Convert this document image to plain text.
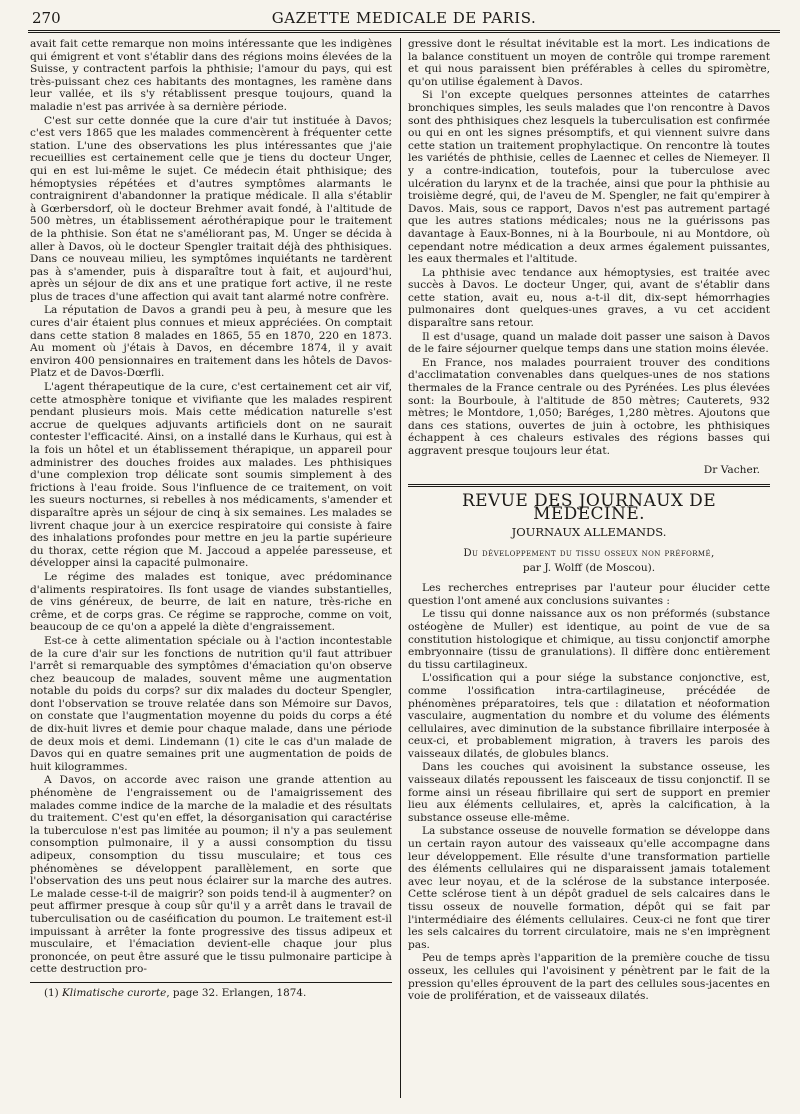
270	GAZETTE MEDICALE DE PARIS.

avait fait cette remarque non moins intéressante que les indigènes qui émigrent et vont s'établir dans des régions moins élevées de la Suisse, y contractent parfois la phthisie; l'amour du pays, qui est très-puissant chez ces habitants des montagnes, les ramène dans leur vallée, et ils s'y rétablissent presque toujours, quand la maladie n'est pas arrivée à sa dernière période.

C'est sur cette donnée que la cure d'air tut instituée à Davos; c'est vers 1865 que les malades commencèrent à fréquenter cette station. L'une des observations les plus intéressantes que j'aie recueillies est certainement celle que je tiens du docteur Unger, qui en est lui-même le sujet. Ce médecin était phthisique; des hémoptysies répétées et d'autres symptômes alarmants le contraignirent d'abandonner la pratique médicale. Il alla s'établir à Gœrbersdorf, où le docteur Brehmer avait fondé, à l'altitude de 500 mètres, un établissement aérothérapique pour le traitement de la phthisie. Son état ne s'améliorant pas, M. Unger se décida à aller à Davos, où le docteur Spengler traitait déjà des phthisiques. Dans ce nouveau milieu, les symptômes inquiétants ne tardèrent pas à s'amender, puis à disparaître tout à fait, et aujourd'hui, après un séjour de dix ans et une pratique fort active, il ne reste plus de traces d'une affection qui avait tant alarmé notre confrère.

La réputation de Davos a grandi peu à peu, à mesure que les cures d'air étaient plus connues et mieux appréciées. On comptait dans cette station 8 malades en 1865, 55 en 1870, 220 en 1873. Au moment où j'étais à Davos, en décembre 1874, il y avait environ 400 pensionnaires en traitement dans les hôtels de Davos-Platz et de Davos-Dœrfli.

L'agent thérapeutique de la cure, c'est certainement cet air vif, cette atmosphère tonique et vivifiante que les malades respirent pendant plusieurs mois. Mais cette médication naturelle s'est accrue de quelques adjuvants artificiels dont on ne saurait contester l'efficacité. Ainsi, on a installé dans le Kurhaus, qui est à la fois un hôtel et un établissement thérapique, un appareil pour administrer des douches froides aux malades. Les phthisiques d'une complexion trop délicate sont soumis simplement à des frictions à l'eau froide. Sous l'influence de ce traitement, on voit les sueurs nocturnes, si rebelles à nos médicaments, s'amender et disparaître après un séjour de cinq à six semaines. Les malades se livrent chaque jour à un exercice respiratoire qui consiste à faire des inhalations profondes pour mettre en jeu la partie supérieure du thorax, cette région que M. Jaccoud a appelée paresseuse, et développer ainsi la capacité pulmonaire.

Le régime des malades est tonique, avec prédominance d'aliments respiratoires. Ils font usage de viandes substantielles, de vins généreux, de beurre, de lait en nature, très-riche en crême, et de corps gras. Ce régime se rapproche, comme on voit, beaucoup de ce qu'on a appelé la diète d'engraissement.

Est-ce à cette alimentation spéciale ou à l'action incontestable de la cure d'air sur les fonctions de nutrition qu'il faut attribuer l'arrêt si remarquable des symptômes d'émaciation qu'on observe chez beaucoup de malades, souvent même une augmentation notable du poids du corps? sur dix malades du docteur Spengler, dont l'observation se trouve relatée dans son Mémoire sur Davos, on constate que l'augmentation moyenne du poids du corps a été de dix-huit livres et demie pour chaque malade, dans une période de deux mois et demi. Lindemann (1) cite le cas d'un malade de Davos qui en quatre semaines prit une augmentation de poids de huit kilogrammes.

A Davos, on accorde avec raison une grande attention au phénomène de l'engraissement ou de l'amaigrissement des malades comme indice de la marche de la maladie et des résultats du traitement. C'est qu'en effet, la désorganisation qui caractérise la tuberculose n'est pas limitée au poumon; il n'y a pas seulement consomption pulmonaire, il y a aussi consomption du tissu adipeux, consomption du tissu musculaire; et tous ces phénomènes se développent parallèlement, en sorte que l'observation des uns peut nous éclairer sur la marche des autres. Le malade cesse-t-il de maigrir? son poids tend-il à augmenter? on peut affirmer presque à coup sûr qu'il y a arrêt dans le travail de tuberculisation ou de caséification du poumon. Le traitement est-il impuissant à arrêter la fonte progressive des tissus adipeux et musculaire, et l'émaciation devient-elle chaque jour plus prononcée, on peut être assuré que le tissu pulmonaire participe à cette destruction pro-

(1) Klimatische curorte, page 32. Erlangen, 1874.

gressive dont le résultat inévitable est la mort. Les indications de la balance constituent un moyen de contrôle qui trompe rarement et qui nous paraissent bien préférables à celles du spiromètre, qu'on utilise également à Davos.

Si l'on excepte quelques personnes atteintes de catarrhes bronchiques simples, les seuls malades que l'on rencontre à Davos sont des phthisiques chez lesquels la tuberculisation est confirmée ou qui en ont les signes présomptifs, et qui viennent suivre dans cette station un traitement prophylactique. On rencontre là toutes les variétés de phthisie, celles de Laennec et celles de Niemeyer. Il y a contre-indication, toutefois, pour la tuberculose avec ulcération du larynx et de la trachée, ainsi que pour la phthisie au troisième degré, qui, de l'aveu de M. Spengler, ne fait qu'empirer à Davos. Mais, sous ce rapport, Davos n'est pas autrement partagé que les autres stations médicales; nous ne la guérissons pas davantage à Eaux-Bonnes, ni à la Bourboule, ni au Montdore, où cependant notre médication a deux armes également puissantes, les eaux thermales et l'altitude.

La phthisie avec tendance aux hémoptysies, est traitée avec succès à Davos. Le docteur Unger, qui, avant de s'établir dans cette station, avait eu, nous a-t-il dit, dix-sept hémorrhagies pulmonaires dont quelques-unes graves, a vu cet accident disparaître sans retour.

Il est d'usage, quand un malade doit passer une saison à Davos de le faire séjourner quelque temps dans une station moins élevée.

En France, nos malades pourraient trouver des conditions d'acclimatation convenables dans quelques-unes de nos stations thermales de la France centrale ou des Pyrénées. Les plus élevées sont: la Bourboule, à l'altitude de 850 mètres; Cauterets, 932 mètres; le Montdore, 1,050; Baréges, 1,280 mètres. Ajoutons que dans ces stations, ouvertes de juin à octobre, les phthisiques échappent à ces chaleurs estivales des régions basses qui aggravent presque toujours leur état.

Dr Vacher.
REVUE DES JOURNAUX DE MÉDECINE.
JOURNAUX ALLEMANDS.
Du développement du tissu osseux non préformé,
par J. Wolff (de Moscou).

Les recherches entreprises par l'auteur pour élucider cette question l'ont amené aux conclusions suivantes :

Le tissu qui donne naissance aux os non préformés (substance ostéogène de Muller) est identique, au point de vue de sa constitution histologique et chimique, au tissu conjonctif amorphe embryonnaire (tissu de granulations). Il diffère donc entièrement du tissu cartilagineux.

L'ossification qui a pour siége la substance conjonctive, est, comme l'ossification intra-cartilagineuse, précédée de phénomènes préparatoires, tels que : dilatation et néoformation vasculaire, augmentation du nombre et du volume des éléments cellulaires, avec diminution de la substance fibrillaire interposée à ceux-ci, et probablement migration, à travers les parois des vaisseaux dilatés, de globules blancs.

Dans les couches qui avoisinent la substance osseuse, les vaisseaux dilatés repoussent les faisceaux de tissu conjonctif. Il se forme ainsi un réseau fibrillaire qui sert de support en premier lieu aux éléments cellulaires, et, après la calcification, à la substance osseuse elle-même.

La substance osseuse de nouvelle formation se développe dans un certain rayon autour des vaisseaux qu'elle accompagne dans leur développement. Elle résulte d'une transformation partielle des éléments cellulaires qui ne disparaissent jamais totalement avec leur noyau, et de la sclérose de la substance interposée. Cette sclérose tient à un dépôt graduel de sels calcaires dans le tissu osseux de nouvelle formation, dépôt qui se fait par l'intermédiaire des éléments cellulaires. Ceux-ci ne font que tirer les sels calcaires du torrent circulatoire, mais ne s'en imprègnent pas.

Peu de temps après l'apparition de la première couche de tissu osseux, les cellules qui l'avoisinent y pénètrent par le fait de la pression qu'elles éprouvent de la part des cellules sous-jacentes en voie de prolifération, et de vaisseaux dilatés.
